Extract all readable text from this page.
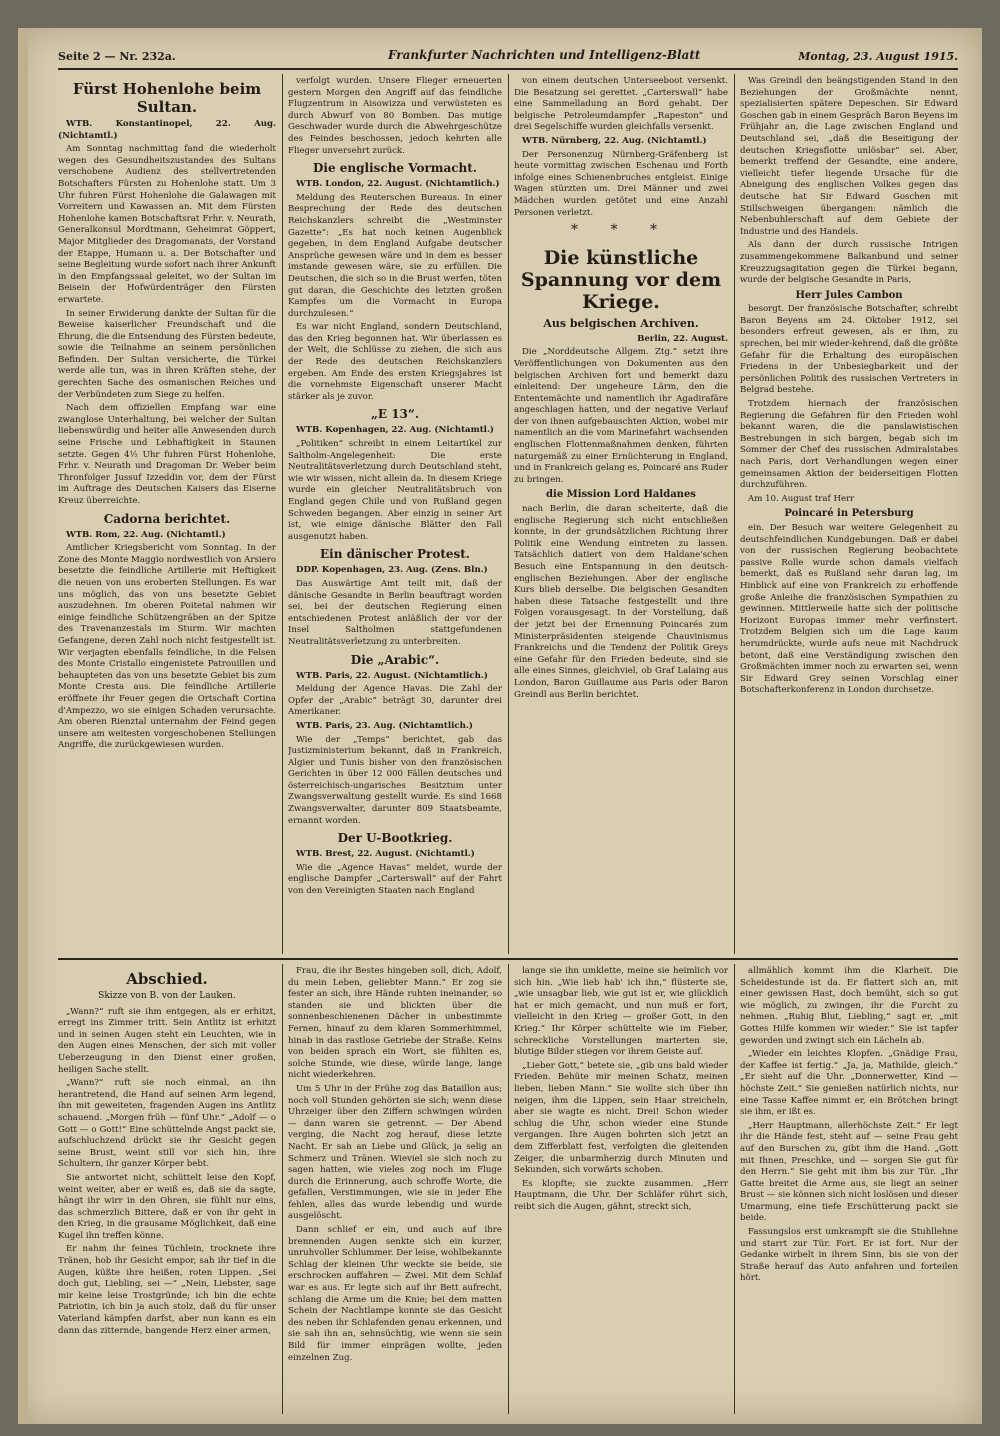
Seite 2 — Nr. 232a.	Frankfurter Nachrichten und Intelligenz-Blatt	Montag, 23. August 1915.
Fürst Hohenlohe beim Sultan.

WTB. Konstantinopel, 22. Aug. (Nichtamtl.)

Am Sonntag nachmittag fand die wiederholt wegen des Gesundheitszustandes des Sultans verschobene Audienz des stellvertretenden Botschafters Fürsten zu Hohenlohe statt. Um 3 Uhr fuhren Fürst Hohenlohe die Galawagen mit Vorreitern und Kawassen an. Mit dem Fürsten Hohenlohe kamen Botschaftsrat Frhr. v. Neurath, Generalkonsul Mordtmann, Geheimrat Göppert, Major Mitglieder des Dragomanats, der Vorstand der Etappe, Humann u. a. Der Botschafter und seine Begleitung wurde sofort nach ihrer Ankunft in den Empfangssaal geleitet, wo der Sultan im Beisein der Hofwürdenträger den Fürsten erwartete.

In seiner Erwiderung dankte der Sultan für die Beweise kaiserlicher Freundschaft und die Ehrung, die die Entsendung des Fürsten bedeute, sowie die Teilnahme an seinem persönlichen Befinden. Der Sultan versicherte, die Türkei werde alle tun, was in ihren Kräften stehe, der gerechten Sache des osmanischen Reiches und der Verbündeten zum Siege zu helfen.

Nach dem offiziellen Empfang war eine zwanglose Unterhaltung, bei welcher der Sultan liebenswürdig und heiter alle Anwesenden durch seine Frische und Lebhaftigkeit in Staunen setzte. Gegen 4½ Uhr fuhren Fürst Hohenlohe, Frhr. v. Neurath und Dragoman Dr. Weber beim Thronfolger Jussuf Izzeddin vor, dem der Fürst im Auftrage des Deutschen Kaisers das Eiserne Kreuz überreichte.

Cadorna berichtet.

WTB. Rom, 22. Aug. (Nichtamtl.)

Amtlicher Kriegsbericht vom Sonntag. In der Zone des Monte Maggio nordwestlich von Arsiero besetzte die feindliche Artillerie mit Heftigkeit die neuen von uns eroberten Stellungen. Es war uns möglich, das von uns besetzte Gebiet auszudehnen. Im oberen Poitetal nahmen wir einige feindliche Schützengräben an der Spitze des Travenanzestals im Sturm. Wir machten Gefangene, deren Zahl noch nicht festgestellt ist. Wir verjagten ebenfalls feindliche, in die Felsen des Monte Cristallo eingenistete Patrouillen und behaupteten das von uns besetzte Gebiet bis zum Monte Cresta aus. Die feindliche Artillerie eröffnete ihr Feuer gegen die Ortschaft Cortina d'Ampezzo, wo sie einigen Schaden verursachte. Am oberen Rienztal unternahm der Feind gegen unsere am weitesten vorgeschobenen Stellungen Angriffe, die zurückgewiesen wurden.

verfolgt wurden. Unsere Flieger erneuerten gestern Morgen den Angriff auf das feindliche Flugzentrum in Aisowizza und verwüsteten es durch Abwurf von 80 Bomben. Das mutige Geschwader wurde durch die Abwehrgeschütze des Feindes beschossen, jedoch kehrten alle Flieger unversehrt zurück.

Die englische Vormacht.

WTB. London, 22. August. (Nichtamtlich.)

Meldung des Reuterschen Bureaus. In einer Besprechung der Rede des deutschen Reichskanzlers schreibt die „Westminster Gazette“: „Es hat noch keinen Augenblick gegeben, in dem England Aufgabe deutscher Ansprüche gewesen wäre und in dem es besser imstande gewesen wäre, sie zu erfüllen. Die Deutschen, die sich so in die Brust werfen, töten gut daran, die Geschichte des letzten großen Kampfes um die Vormacht in Europa durchzulesen.“

Es war nicht England, sondern Deutschland, das den Krieg begonnen hat. Wir überlassen es der Welt, die Schlüsse zu ziehen, die sich aus der Rede des deutschen Reichskanzlers ergeben. Am Ende des ersten Kriegsjahres ist die vornehmste Eigenschaft unserer Macht stärker als je zuvor.

„E 13“.

WTB. Kopenhagen, 22. Aug. (Nichtamtl.)

„Politiken“ schreibt in einem Leitartikel zur Saltholm-Angelegenheit: Die erste Neutralitätsverletzung durch Deutschland steht, wie wir wissen, nicht allein da. In diesem Kriege wurde ein gleicher Neutralitätsbruch von England gegen Chile und von Rußland gegen Schweden begangen. Aber einzig in seiner Art ist, wie einige dänische Blätter den Fall ausgenutzt haben.

Ein dänischer Protest.

DDP. Kopenhagen, 23. Aug. (Zens. Bln.)

Das Auswärtige Amt teilt mit, daß der dänische Gesandte in Berlin beauftragt worden sei, bei der deutschen Regierung einen entschiedenen Protest anläßlich der vor der Insel Saltholmen stattgefundenen Neutralitätsverletzung zu unterbreiten.

Die „Arabic“.

WTB. Paris, 22. August. (Nichtamtlich.)

Meldung der Agence Havas. Die Zahl der Opfer der „Arabic“ beträgt 30, darunter drei Amerikaner.

WTB. Paris, 23. Aug. (Nichtamtlich.)

Wie der „Temps“ berichtet, gab das Justizministerium bekannt, daß in Frankreich, Algier und Tunis bisher von den französischen Gerichten in über 12 000 Fällen deutsches und österreichisch-ungarisches Besitztum unter Zwangsverwaltung gestellt wurde. Es sind 1668 Zwangsverwalter, darunter 809 Staatsbeamte, ernannt worden.

Der U-Bootkrieg.

WTB. Brest, 22. August. (Nichtamtl.)

Wie die „Agence Havas“ meldet, wurde der englische Dampfer „Carterswall“ auf der Fahrt von den Vereinigten Staaten nach England

von einem deutschen Unterseeboot versenkt. Die Besatzung sei gerettet. „Carterswall“ habe eine Sammelladung an Bord gehabt. Der belgische Petroleumdampfer „Rapeston“ und drei Segelschiffe wurden gleichfalls versenkt.

WTB. Nürnberg, 22. Aug. (Nichtamtl.)

Der Personenzug Nürnberg-Gräfenberg ist heute vormittag zwischen Eschenau und Forth infolge eines Schienenbruches entgleist. Einige Wagen stürzten um. Drei Männer und zwei Mädchen wurden getötet und eine Anzahl Personen verletzt.

* * *
Die künstliche Spannung vor dem Kriege.
Aus belgischen Archiven.

Berlin, 22. August.

Die „Norddeutsche Allgem. Ztg.“ setzt ihre Veröffentlichungen von Dokumenten aus den belgischen Archiven fort und bemerkt dazu einleitend: Der ungeheure Lärm, den die Ententemächte und namentlich ihr Agadirafäre angeschlagen hatten, und der negative Verlauf der von ihnen aufgebauschten Aktion, wobei mir namentlich an die vom Marinefahrt wachsenden englischen Flottenmaßnahmen denken, führten naturgemäß zu einer Ernüchterung in England, und in Frankreich gelang es, Poincaré ans Ruder zu bringen.

die Mission Lord Haldanes

nach Berlin, die daran scheiterte, daß die englische Regierung sich nicht entschließen konnte, in der grundsätzlichen Richtung ihrer Politik eine Wendung eintreten zu lassen. Tatsächlich datiert von dem Haldane'schen Besuch eine Entspannung in den deutsch-englischen Beziehungen. Aber der englische Kurs blieb derselbe. Die belgischen Gesandten haben diese Tatsache festgestellt und ihre Folgen vorausgesagt. In der Vorstellung, daß der jetzt bei der Ernennung Poincarés zum Ministerpräsidenten steigende Chauvinismus Frankreichs und die Tendenz der Politik Greys eine Gefahr für den Frieden bedeute, sind sie alle eines Sinnes, gleichviel, ob Graf Lalaing aus London, Baron Guillaume aus Paris oder Baron Greindl aus Berlin berichtet.

Was Greindl den beängstigenden Stand in den Beziehungen der Großmächte nennt, spezialisierten spätere Depeschen. Sir Edward Goschen gab in einem Gespräch Baron Beyens im Frühjahr an, die Lage zwischen England und Deutschland sei, „daß die Beseitigung der deutschen Kriegsflotte unlösbar“ sei. Aber, bemerkt treffend der Gesandte, eine andere, vielleicht tiefer liegende Ursache für die Abneigung des englischen Volkes gegen das deutsche hat Sir Edward Goschen mit Stillschweigen übergangen: nämlich die Nebenbuhlerschaft auf dem Gebiete der Industrie und des Handels.

Als dann der durch russische Intrigen zusammengekommene Balkanbund und seiner Kreuzzugsagitation gegen die Türkei begann, wurde der belgische Gesandte in Paris,

Herr Jules Cambon

besorgt. Der französische Botschafter, schreibt Baron Beyens am 24. Oktober 1912, sei besonders erfreut gewesen, als er ihm, zu sprechen, bei mir wieder-kehrend, daß die größte Gefahr für die Erhaltung des europäischen Friedens in der Unbesiegbarkeit und der persönlichen Politik des russischen Vertreters in Belgrad bestehe.

Trotzdem hiernach der französischen Regierung die Gefahren für den Frieden wohl bekannt waren, die die panslawistischen Bestrebungen in sich bargen, begab sich im Sommer der Chef des russischen Admiralstabes nach Paris, dort Verhandlungen wegen einer gemeinsamen Aktion der beiderseitigen Flotten durchzuführen.

Am 10. August traf Herr

Poincaré in Petersburg

ein. Der Besuch war weitere Gelegenheit zu deutschfeindlichen Kundgebungen. Daß er dabei von der russischen Regierung beobachtete passive Rolle wurde schon damals vielfach bemerkt, daß es Rußland sehr daran lag, im Hinblick auf eine von Frankreich zu erhoffende große Anleihe die französischen Sympathien zu gewinnen. Mittlerweile hatte sich der politische Horizont Europas immer mehr verfinstert. Trotzdem Belgien sich um die Lage kaum herumdrückte, wurde aufs neue mit Nachdruck betont, daß eine Verständigung zwischen den Großmächten immer noch zu erwarten sei, wenn Sir Edward Grey seinen Vorschlag einer Botschafterkonferenz in London durchsetze.

Abschied.
Skizze von B. von der Lauken.

„Wann?“ ruft sie ihm entgegen, als er erhitzt, erregt ins Zimmer tritt. Sein Antlitz ist erhitzt und in seinen Augen steht ein Leuchten, wie in den Augen eines Menschen, der sich mit voller Ueberzeugung in den Dienst einer großen, heiligen Sache stellt.

„Wann?“ ruft sie noch einmal, an ihn herantretend, die Hand auf seinen Arm legend, ihn mit geweiteten, fragenden Augen ins Antlitz schauend. „Morgen früh — fünf Uhr.“ „Adolf — o Gott — o Gott!“ Eine schüttelnde Angst packt sie, aufschluchzend drückt sie ihr Gesicht gegen seine Brust, weint still vor sich hin, ihre Schultern, ihr ganzer Körper bebt.

Sie antwortet nicht, schüttelt leise den Kopf, weint weiter, aber er weiß es, daß sie da sagte, hängt ihr wirr in den Ohren, sie fühlt nur eins, das schmerzlich Bittere, daß er von ihr geht in den Krieg, in die grausame Möglichkeit, daß eine Kugel ihn treffen könne.

Er nahm ihr feines Tüchlein, trocknete ihre Tränen, hob ihr Gesicht empor, sah ihr tief in die Augen, küßte ihre heißen, roten Lippen. „Sei doch gut, Liebling, sei —“ „Nein, Liebster, sage mir keine leise Trostgründe; ich bin die echte Patriotin, ich bin ja auch stolz, daß du für unser Vaterland kämpfen darfst, aber nun kann es ein dann das zitternde, bangende Herz einer armen,

Frau, die ihr Bestes hingeben soll, dich, Adolf, du mein Leben, geliebter Mann.“ Er zog sie fester an sich, ihre Hände ruhten ineinander, so standen sie und blickten über die sonnenbeschienenen Dächer in unbestimmte Fernen, hinauf zu dem klaren Sommerhimmel, hinab in das rastlose Getriebe der Straße. Keins von beiden sprach ein Wort, sie fühlten es, solche Stunde, wie diese, würde lange, lange nicht wiederkehren.

Um 5 Uhr in der Frühe zog das Bataillon aus; noch voll Stunden gehörten sie sich; wenn diese Uhrzeiger über den Ziffern schwingen würden — dann waren sie getrennt. — Der Abend verging, die Nacht zog herauf, diese letzte Nacht. Er sah an Liebe und Glück, ja selig an Schmerz und Tränen. Wieviel sie sich noch zu sagen hatten, wie vieles zog noch im Fluge durch die Erinnerung, auch schroffe Worte, die gefallen, Verstimmungen, wie sie in jeder Ehe fehlen, alles das wurde lebendig und wurde ausgelöscht.

Dann schlief er ein, und auch auf ihre brennenden Augen senkte sich ein kurzer, unruhvoller Schlummer. Der leise, wohlbekannte Schlag der kleinen Uhr weckte sie beide, sie erschrocken auffahren — Zwei. Mit dem Schlaf war es aus. Er legte sich auf ihr Bett aufrecht, schlang die Arme um die Knie; bei dem matten Schein der Nachtlampe konnte sie das Gesicht des neben ihr Schlafenden genau erkennen, und sie sah ihn an, sehnsüchtig, wie wenn sie sein Bild für immer einprägen wollte, jeden einzelnen Zug.

lange sie ihn umklette, meine sie heimlich vor sich hin. „Wie lieb hab' ich ihn,“ flüsterte sie, „wie unsagbar lieb, wie gut ist er, wie glücklich hat er mich gemacht, und nun muß er fort, vielleicht in den Krieg — großer Gott, in den Krieg.“ Ihr Körper schüttelte wie im Fieber, schreckliche Vorstellungen marterten sie, blutige Bilder stiegen vor ihrem Geiste auf.

„Lieber Gott,“ betete sie, „gib uns bald wieder Frieden. Behüte mir meinen Schatz, meinen lieben, lieben Mann.“ Sie wollte sich über ihn neigen, ihm die Lippen, sein Haar streicheln, aber sie wagte es nicht. Drei! Schon wieder schlug die Uhr, schon wieder eine Stunde vergangen. Ihre Augen bohrten sich jetzt an dem Zifferblatt fest, verfolgten die gleitenden Zeiger, die unbarmherzig durch Minuten und Sekunden, sich vorwärts schoben.

Es klopfte; sie zuckte zusammen. „Herr Hauptmann, die Uhr. Der Schläfer rührt sich, reibt sich die Augen, gähnt, streckt sich,

allmählich kommt ihm die Klarheit. Die Scheidestunde ist da. Er flattert sich an, mit einer gewissen Hast, doch bemüht, sich so gut wie möglich, zu zwingen, ihr die Furcht zu nehmen. „Ruhig Blut, Liebling,“ sagt er, „mit Gottes Hilfe kommen wir wieder.“ Sie ist tapfer geworden und zwingt sich ein Lächeln ab.

„Wieder ein leichtes Klopfen. „Gnädige Frau, der Kaffee ist fertig.“ „Ja, ja, Mathilde, gleich.“ „Er sieht auf die Uhr. „Donnerwetter, Kind — höchste Zeit.“ Sie genießen natürlich nichts, nur eine Tasse Kaffee nimmt er, ein Brötchen bringt sie ihm, er ißt es.

„Herr Hauptmann, allerhöchste Zeit.“ Er legt ihr die Hände fest, steht auf — seine Frau geht auf den Burschen zu, gibt ihm die Hand. „Gott mit Ihnen, Preschke, und — sorgen Sie gut für den Herrn.“ Sie geht mit ihm bis zur Tür. „Ihr Gatte breitet die Arme aus, sie liegt an seiner Brust — sie können sich nicht loslösen und dieser Umarmung, eine tiefe Erschütterung packt sie beide.

Fassungslos erst umkrampft sie die Stuhllehne und starrt zur Tür. Fort. Er ist fort. Nur der Gedanke wirbelt in ihrem Sinn, bis sie von der Straße herauf das Auto anfahren und forteilen hört.
